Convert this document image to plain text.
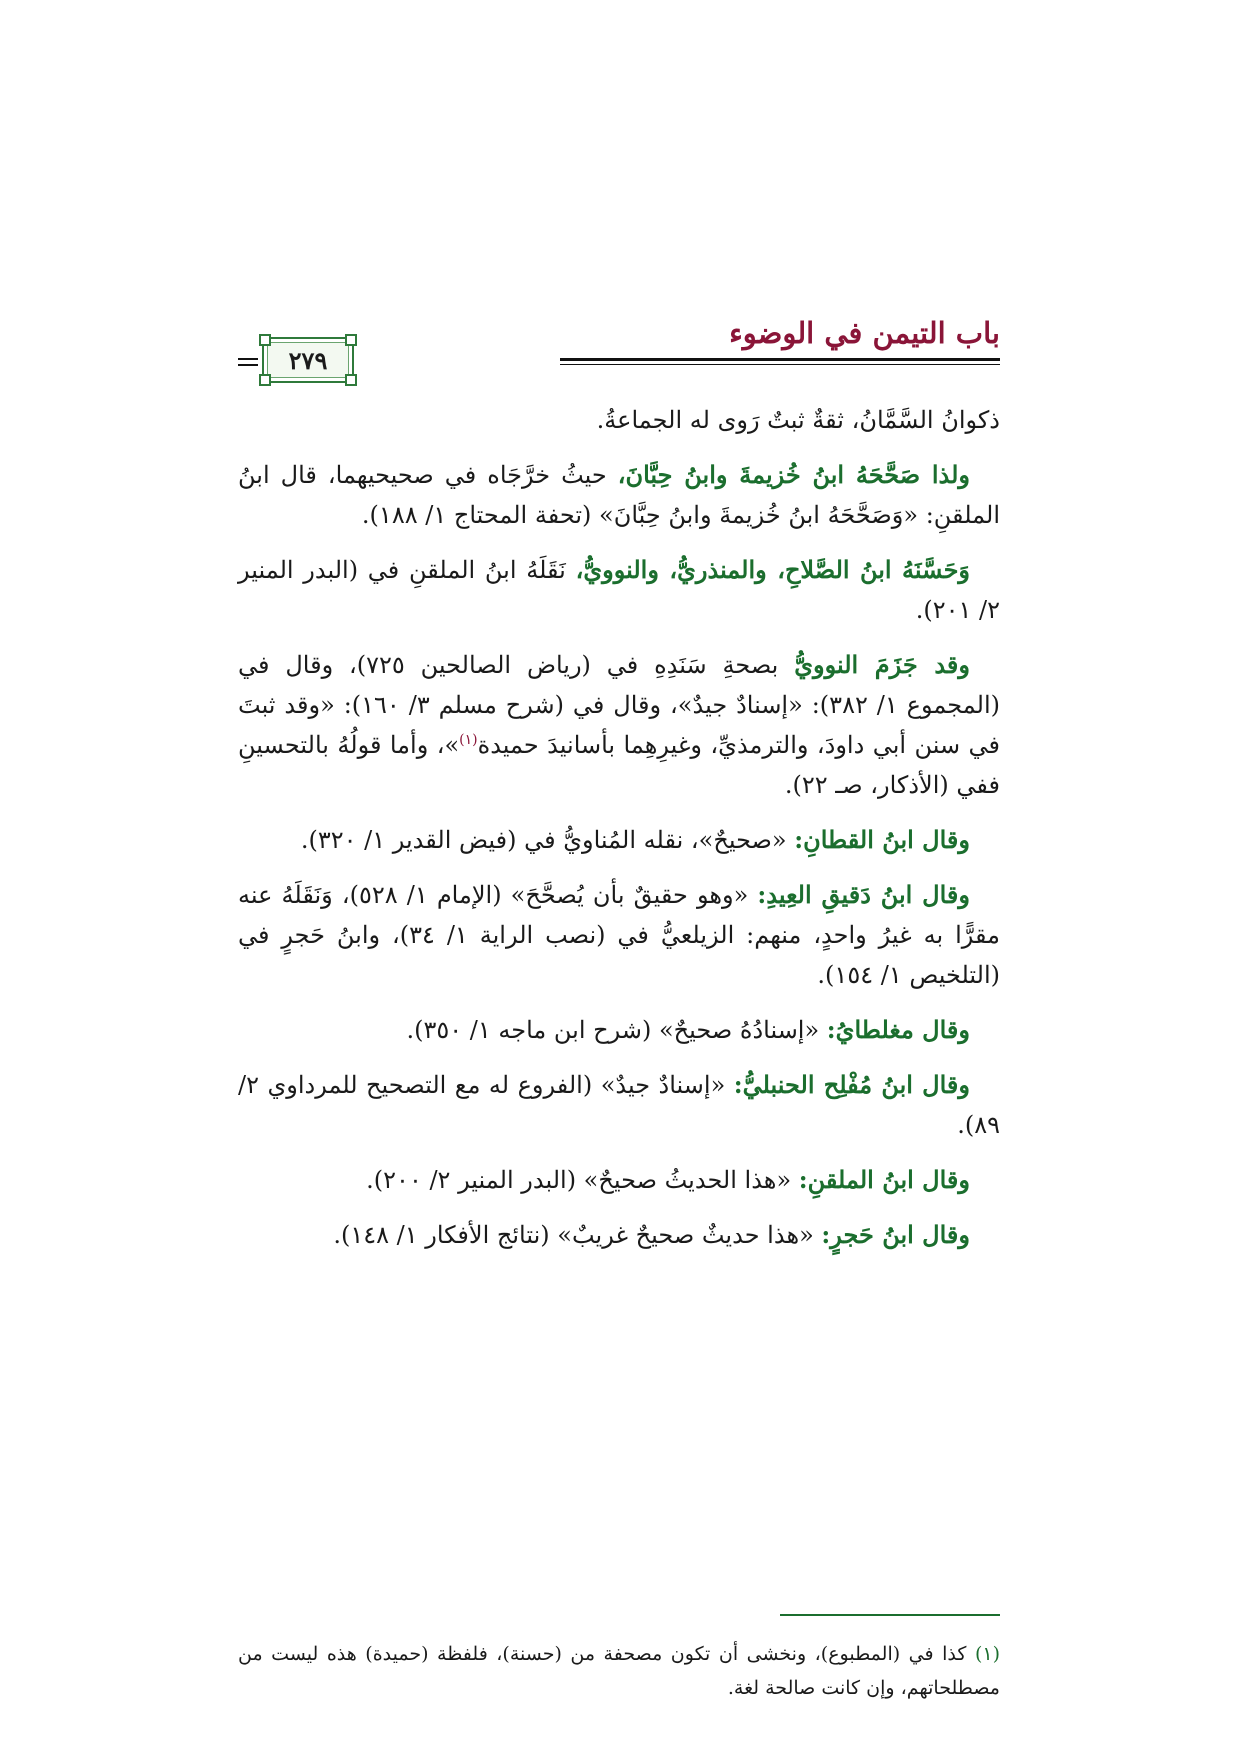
باب التيمن في الوضوء
٢٧٩

ذكوانُ السَّمَّانُ، ثقةٌ ثبتٌ رَوى له الجماعةُ.

ولذا صَحَّحَهُ ابنُ خُزيمةَ وابنُ حِبَّانَ، حيثُ خرَّجَاه في صحيحيهما، قال ابنُ الملقنِ: «وَصَحَّحَهُ ابنُ خُزيمةَ وابنُ حِبَّانَ» (تحفة المحتاج ١/ ١٨٨).

وَحَسَّنَهُ ابنُ الصَّلاحِ، والمنذريُّ، والنوويُّ، نَقَلَهُ ابنُ الملقنِ في (البدر المنير ٢/ ٢٠١).

وقد جَزَمَ النوويُّ بصحةِ سَنَدِهِ في (رياض الصالحين ٧٢٥)، وقال في (المجموع ١/ ٣٨٢): «إسنادٌ جيدٌ»، وقال في (شرح مسلم ٣/ ١٦٠): «وقد ثبتَ في سنن أبي داودَ، والترمذيِّ، وغيرِهِما بأسانيدَ حميدة$^{(١)}$»، وأما قولُهُ بالتحسينِ ففي (الأذكار، صـ ٢٢).

وقال ابنُ القطانِ: «صحيحٌ»، نقله المُناويُّ في (فيض القدير ١/ ٣٢٠).

وقال ابنُ دَقيقِ العِيدِ: «وهو حقيقٌ بأن يُصحَّحَ» (الإمام ١/ ٥٢٨)، وَنَقَلَهُ عنه مقرًّا به غيرُ واحدٍ، منهم: الزيلعيُّ في (نصب الراية ١/ ٣٤)، وابنُ حَجرٍ في (التلخيص ١/ ١٥٤).

وقال مغلطايُ: «إسنادُهُ صحيحٌ» (شرح ابن ماجه ١/ ٣٥٠).

وقال ابنُ مُفْلِح الحنبليُّ: «إسنادٌ جيدٌ» (الفروع له مع التصحيح للمرداوي ٢/ ٨٩).

وقال ابنُ الملقنِ: «هذا الحديثُ صحيحٌ» (البدر المنير ٢/ ٢٠٠).

وقال ابنُ حَجرٍ: «هذا حديثٌ صحيحٌ غريبٌ» (نتائج الأفكار ١/ ١٤٨).

(١) كذا في (المطبوع)، ونخشى أن تكون مصحفة من (حسنة)، فلفظة (حميدة) هذه ليست من مصطلحاتهم، وإن كانت صالحة لغة.
